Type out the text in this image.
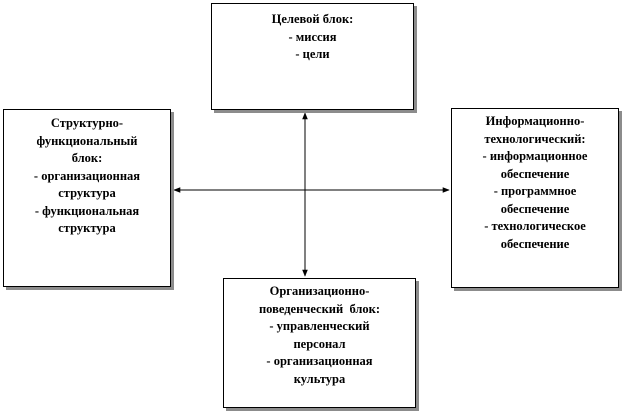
Целевой блок:
- миссия
- цели
Структурно-
функциональный
блок:
- организационная
структура
- функциональная
структура
Информационно-
технологический:
- информационное
обеспечение
- программное
обеспечение
- технологическое
обеспечение
Организационно-
поведенческий  блок:
- управленческий
персонал
- организационная
культура
